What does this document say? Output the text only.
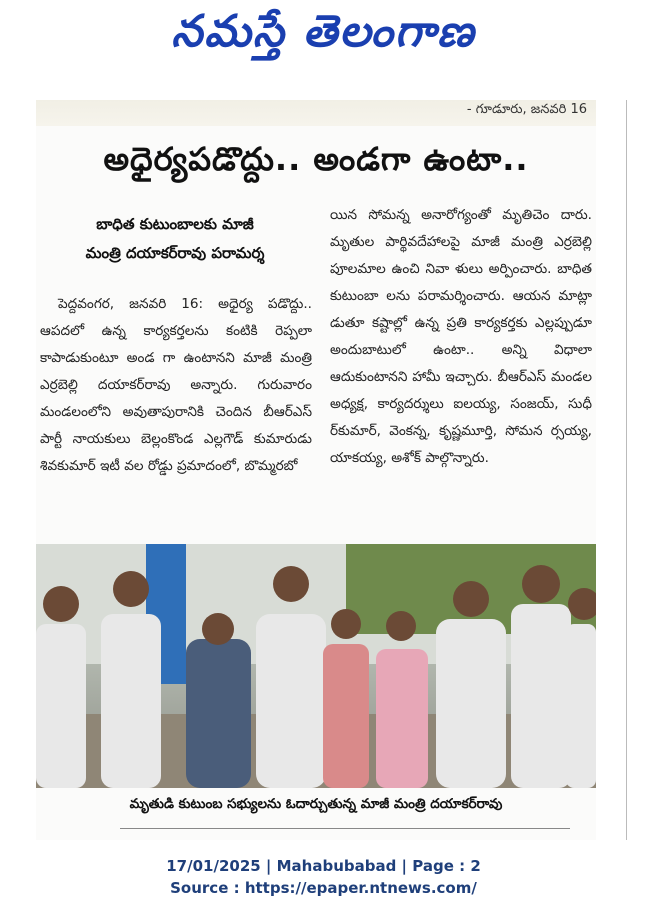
నమస్తే తెలంగాణ
- గూడూరు, జనవరి 16
అధైర్యపడొద్దు.. అండగా ఉంటా..
బాధిత కుటుంబాలకు మాజీ
మంత్రి దయాకర్‌రావు పరామర్శ

పెద్దవంగర, జనవరి 16: అధైర్య పడొద్దు.. ఆపదలో ఉన్న కార్యకర్తలను కంటికి రెప్పలా కాపాడుకుంటూ అండ గా ఉంటానని మాజీ మంత్రి ఎర్రబెల్లి దయాకర్‌రావు అన్నారు. గురువారం మండలంలోని అవుతాపురానికి చెందిన బీఆర్‌ఎస్ పార్టీ నాయకులు బెల్లంకొండ ఎల్లగౌడ్ కుమారుడు శివకుమార్ ఇటీ వల రోడ్డు ప్రమాదంలో, బొమ్మరబో

యిన సోమన్న అనారోగ్యంతో మృతిచెం దారు. మృతుల పార్థివదేహాలపై మాజీ మంత్రి ఎర్రబెల్లి పూలమాల ఉంచి నివా ళులు అర్పించారు. బాధిత కుటుంబా లను పరామర్శించారు. ఆయన మాట్లా డుతూ కష్టాల్లో ఉన్న ప్రతి కార్యకర్తకు ఎల్లప్పుడూ అందుబాటులో ఉంటా.. అన్ని విధాలా ఆదుకుంటానని హామీ ఇచ్చారు. బీఆర్‌ఎస్ మండల అధ్యక్ష, కార్యదర్శులు ఐలయ్య, సంజయ్, సుధీ ర్‌కుమార్, వెంకన్న, కృష్ణమూర్తి, సోమన ర్సయ్య, యాకయ్య, అశోక్ పాల్గొన్నారు.

మృతుడి కుటుంబ సభ్యులను ఓదార్చుతున్న మాజీ మంత్రి దయాకర్‌రావు
17/01/2025 | Mahabubabad | Page : 2
Source : https://epaper.ntnews.com/
